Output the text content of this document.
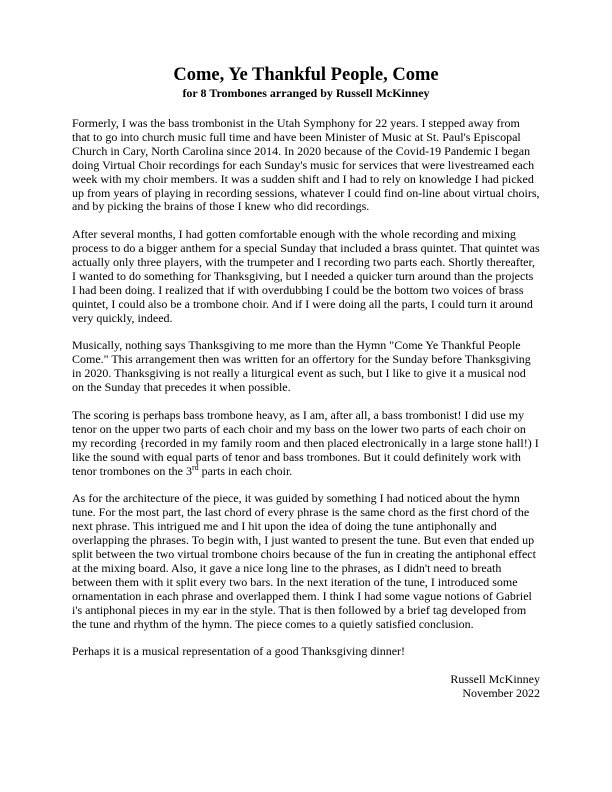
Come, Ye Thankful People, Come
for 8 Trombones arranged by Russell McKinney

Formerly, I was the bass trombonist in the Utah Symphony for 22 years. I stepped away from that to go into church music full time and have been Minister of Music at St. Paul's Episcopal Church in Cary, North Carolina since 2014. In 2020 because of the Covid-19 Pandemic I began doing Virtual Choir recordings for each Sunday's music for services that were livestreamed each week with my choir members. It was a sudden shift and I had to rely on knowledge I had picked up from years of playing in recording sessions, whatever I could find on-line about virtual choirs, and by picking the brains of those I knew who did recordings.

After several months, I had gotten comfortable enough with the whole recording and mixing process to do a bigger anthem for a special Sunday that included a brass quintet. That quintet was actually only three players, with the trumpeter and I recording two parts each. Shortly thereafter, I wanted to do something for Thanksgiving, but I needed a quicker turn around than the projects I had been doing. I realized that if with overdubbing I could be the bottom two voices of brass quintet, I could also be a trombone choir. And if I were doing all the parts, I could turn it around very quickly, indeed.

Musically, nothing says Thanksgiving to me more than the Hymn "Come Ye Thankful People Come." This arrangement then was written for an offertory for the Sunday before Thanksgiving in 2020. Thanksgiving is not really a liturgical event as such, but I like to give it a musical nod on the Sunday that precedes it when possible.

The scoring is perhaps bass trombone heavy, as I am, after all, a bass trombonist! I did use my tenor on the upper two parts of each choir and my bass on the lower two parts of each choir on my recording {recorded in my family room and then placed electronically in a large stone hall!) I like the sound with equal parts of tenor and bass trombones. But it could definitely work with tenor trombones on the 3rd parts in each choir.

As for the architecture of the piece, it was guided by something I had noticed about the hymn tune. For the most part, the last chord of every phrase is the same chord as the first chord of the next phrase. This intrigued me and I hit upon the idea of doing the tune antiphonally and overlapping the phrases. To begin with, I just wanted to present the tune. But even that ended up split between the two virtual trombone choirs because of the fun in creating the antiphonal effect at the mixing board. Also, it gave a nice long line to the phrases, as I didn't need to breath between them with it split every two bars. In the next iteration of the tune, I introduced some ornamentation in each phrase and overlapped them. I think I had some vague notions of Gabriel i's antiphonal pieces in my ear in the style. That is then followed by a brief tag developed from the tune and rhythm of the hymn. The piece comes to a quietly satisfied conclusion.

Perhaps it is a musical representation of a good Thanksgiving dinner!

Russell McKinney
November 2022
